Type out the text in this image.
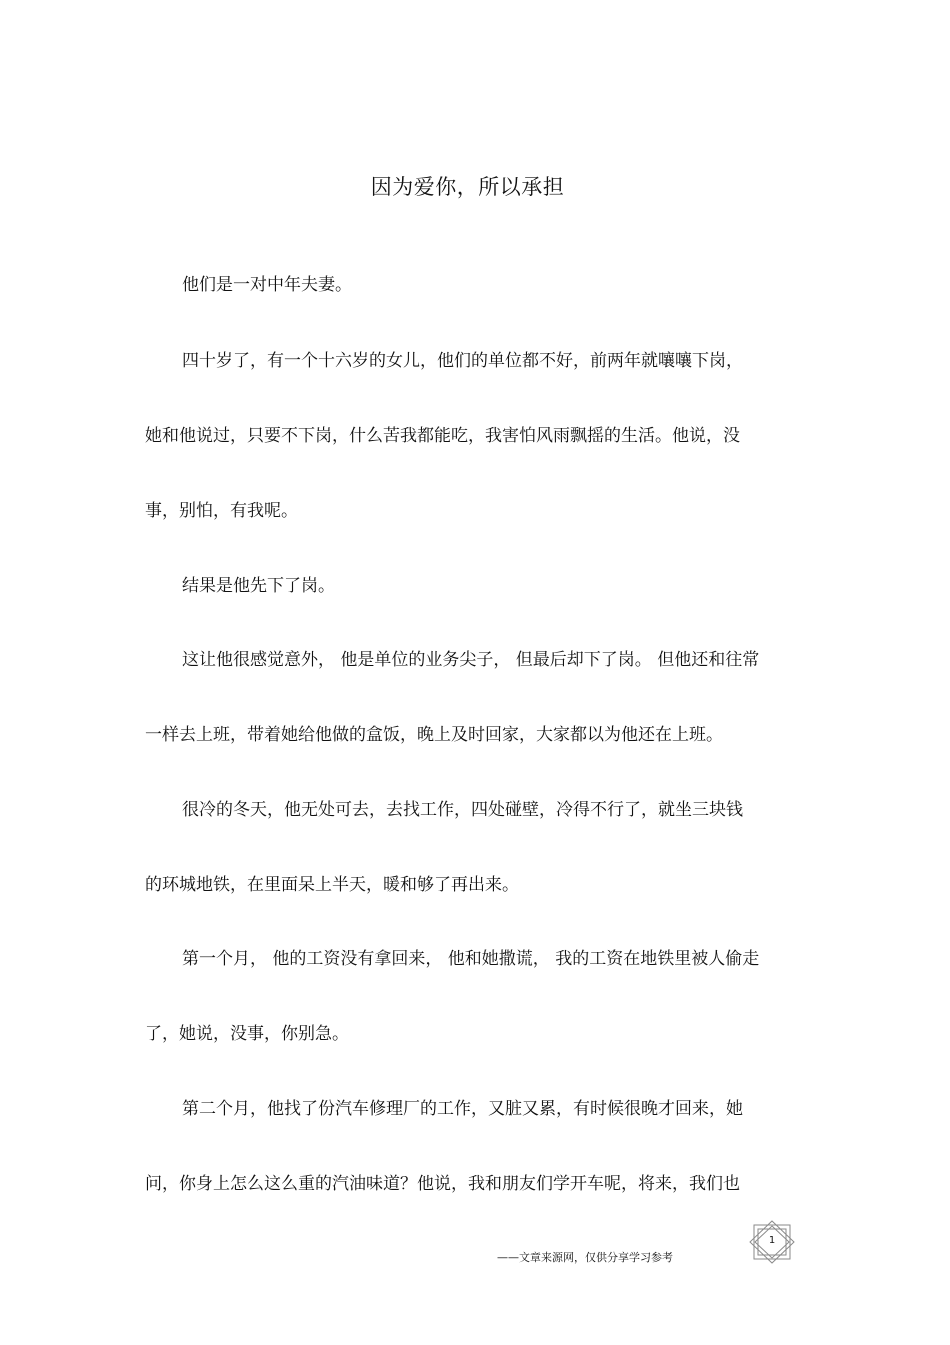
因为爱你，所以承担
他们是一对中年夫妻。
四十岁了，有一个十六岁的女儿，他们的单位都不好，前两年就嚷嚷下岗，
她和他说过，只要不下岗，什么苦我都能吃，我害怕风雨飘摇的生活。他说，没
事，别怕，有我呢。
结果是他先下了岗。
这让他很感觉意外， 他是单位的业务尖子， 但最后却下了岗。 但他还和往常
一样去上班，带着她给他做的盒饭，晚上及时回家，大家都以为他还在上班。
很冷的冬天，他无处可去，去找工作，四处碰壁，冷得不行了，就坐三块钱
的环城地铁，在里面呆上半天，暖和够了再出来。
第一个月， 他的工资没有拿回来， 他和她撒谎， 我的工资在地铁里被人偷走
了，她说，没事，你别急。
第二个月，他找了份汽车修理厂的工作，又脏又累，有时候很晚才回来，她
问，你身上怎么这么重的汽油味道？他说，我和朋友们学开车呢，将来，我们也
——文章来源网，仅供分享学习参考
1
